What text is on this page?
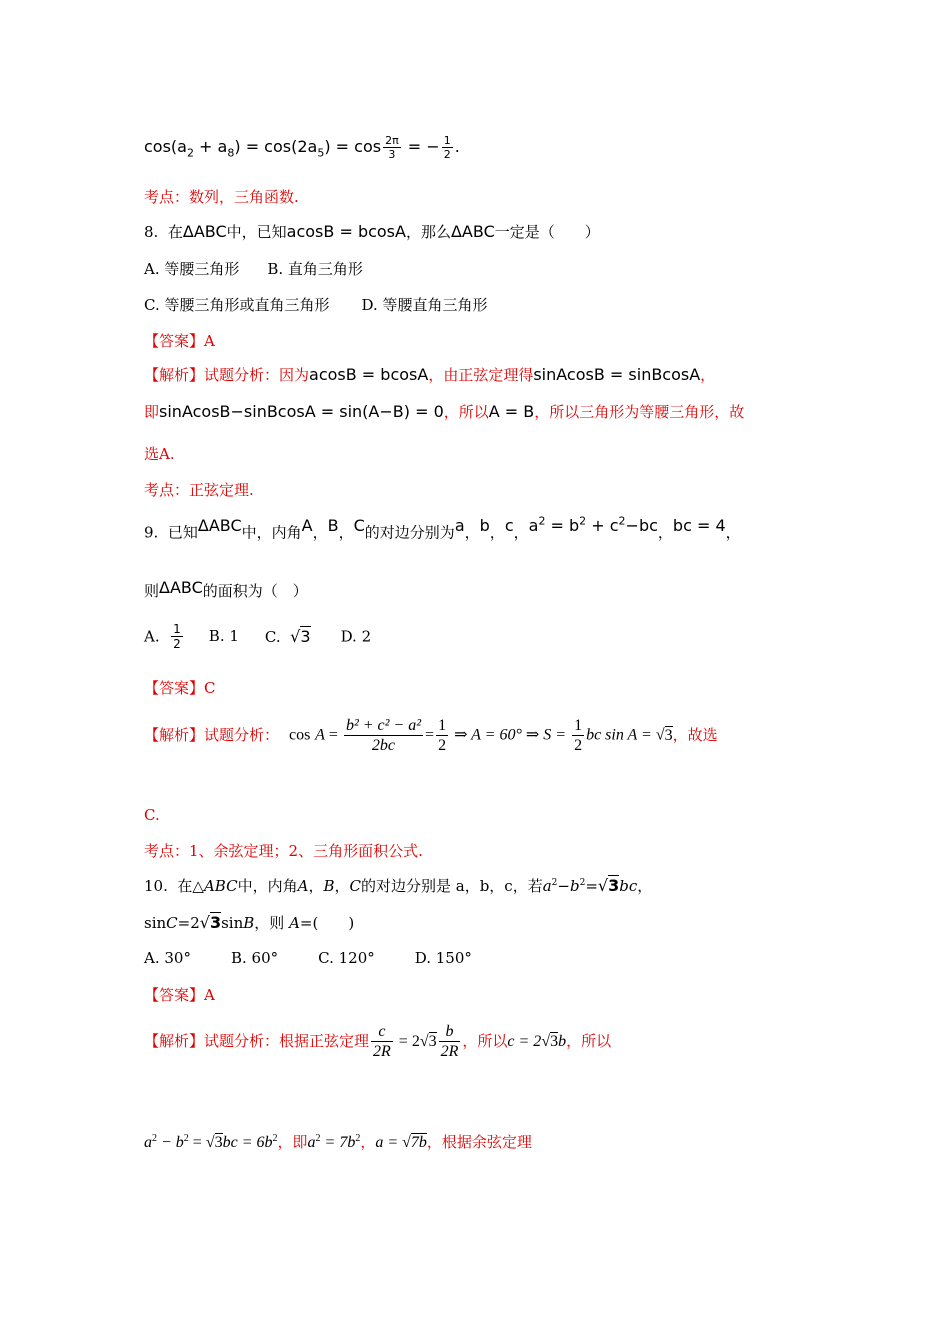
$\cos(a_2 + a_8) = \cos(2a_5) = \cos \frac{2\pi}{3}$ = − $\frac{1}{2}$ .
考点：数列，三角函数.
8. 在ΔABC中，已知acosB = bcosA，那么ΔABC一定是（　　）
A. 等腰三角形 B. 直角三角形
C. 等腰三角形或直角三角形 D. 等腰直角三角形
【答案】A
【解析】试题分析：因为acosB = bcosA，由正弦定理得sinAcosB = sinBcosA，
即sinAcosB−sinBcosA = sin(A−B) = 0，所以A = B，所以三角形为等腰三角形，故
选A.
考点：正弦定理.
9. 已知ΔABC中，内角A，B，C的对边分别为a，b，c，$a^2 = b^2 + c^2-bc$，bc = 4，
则ΔABC的面积为（　）
A. $\frac{1}{2} B$. 1 C. √3 D. 2
【答案】C
【解析】试题分析： $\cos A = \frac{\text{b² + c² − a²}}{2bc} = \frac{1}{2}$ ⇒ A = 60° ⇒ $S = \frac{1}{2}$ bc sin A = √3，故选
C.
考点：1、余弦定理；2、三角形面积公式.
10. 在△ABC中，内角A，B，C的对边分别是 a，b，c，若$a^2-b^2=√3bc$，
sinC=2√3sinB，则 A=(　　)
A. 30°	B. 60°	C. 120°	D. 150°
【答案】A
【解析】试题分析：根据正弦定理 $\frac{c}{2R} = 2√3 \frac{b}{2R}$ ，所以c = 2√3b，所以
$a^2 - b^2 = √3bc = 6b^2$，即$a^2 = 7b^2$，a = √7b，根据余弦定理
